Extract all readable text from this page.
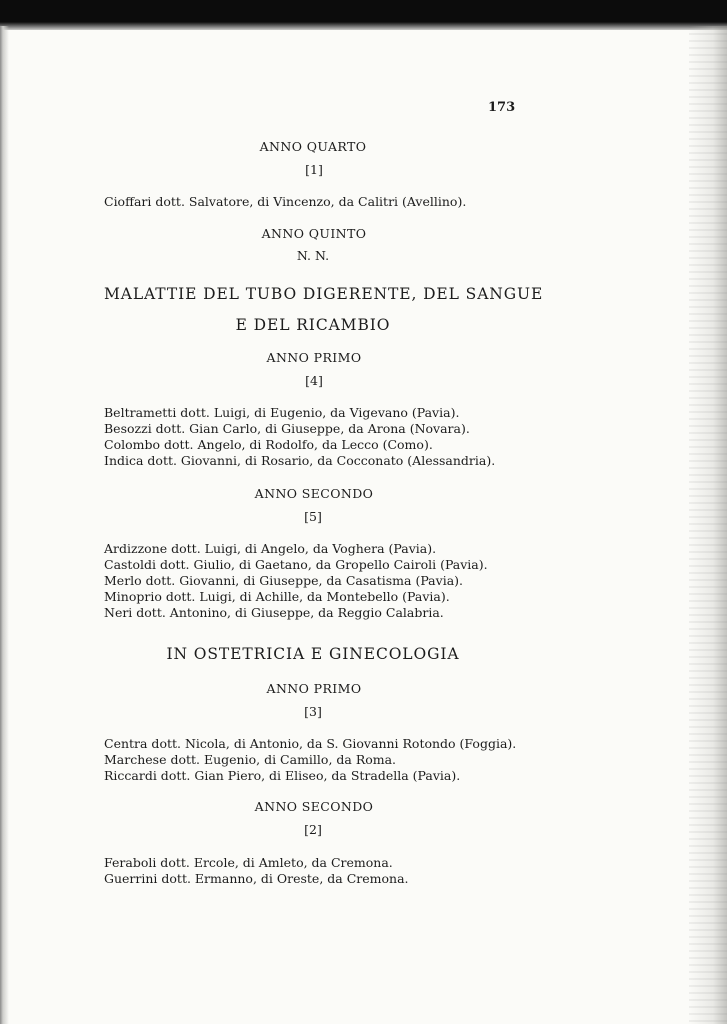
173
ANNO QUARTO
[1]
Cioffari dott. Salvatore, di Vincenzo, da Calitri (Avellino).
ANNO QUINTO
N. N.
MALATTIE DEL TUBO DIGERENTE, DEL SANGUE
E DEL RICAMBIO
ANNO PRIMO
[4]
Beltrametti dott. Luigi, di Eugenio, da Vigevano (Pavia).
Besozzi dott. Gian Carlo, di Giuseppe, da Arona (Novara).
Colombo dott. Angelo, di Rodolfo, da Lecco (Como).
Indica dott. Giovanni, di Rosario, da Cocconato (Alessandria).
ANNO SECONDO
[5]
Ardizzone dott. Luigi, di Angelo, da Voghera (Pavia).
Castoldi dott. Giulio, di Gaetano, da Gropello Cairoli (Pavia).
Merlo dott. Giovanni, di Giuseppe, da Casatisma (Pavia).
Minoprio dott. Luigi, di Achille, da Montebello (Pavia).
Neri dott. Antonino, di Giuseppe, da Reggio Calabria.
IN OSTETRICIA E GINECOLOGIA
ANNO PRIMO
[3]
Centra dott. Nicola, di Antonio, da S. Giovanni Rotondo (Foggia).
Marchese dott. Eugenio, di Camillo, da Roma.
Riccardi dott. Gian Piero, di Eliseo, da Stradella (Pavia).
ANNO SECONDO
[2]
Feraboli dott. Ercole, di Amleto, da Cremona.
Guerrini dott. Ermanno, di Oreste, da Cremona.
